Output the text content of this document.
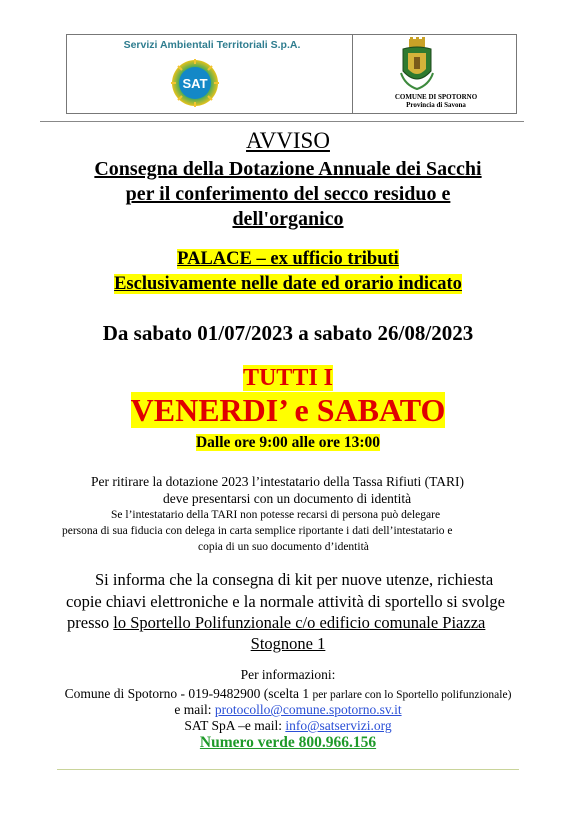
Servizi Ambientali Territoriali S.p.A.
SAT
COMUNE DI SPOTORNO
Provincia di Savona
AVVISO
Consegna della Dotazione Annuale dei Sacchi
per il conferimento del secco residuo e
dell'organico
PALACE – ex ufficio tributi
Esclusivamente nelle date ed orario indicato
Da sabato 01/07/2023 a sabato 26/08/2023
TUTTI I
VENERDI’ e SABATO
Dalle ore 9:00 alle ore 13:00
Per ritirare la dotazione 2023 l’intestatario della Tassa Rifiuti (TARI)
deve presentarsi con un documento di identità
Se l’intestatario della TARI non potesse recarsi di persona può delegare
persona di sua fiducia con delega in carta semplice riportante i dati dell’intestatario e
copia di un suo documento d’identità
Si informa che la consegna di kit per nuove utenze, richiesta
copie chiavi elettroniche e la normale attività di sportello si svolge
presso lo Sportello Polifunzionale c/o edificio comunale Piazza
Stognone 1
Per informazioni:
Comune di Spotorno - 019-9482900 (scelta 1 per parlare con lo Sportello polifunzionale)
e mail: protocollo@comune.spotorno.sv.it
SAT SpA –e mail: info@satservizi.org
Numero verde 800.966.156
